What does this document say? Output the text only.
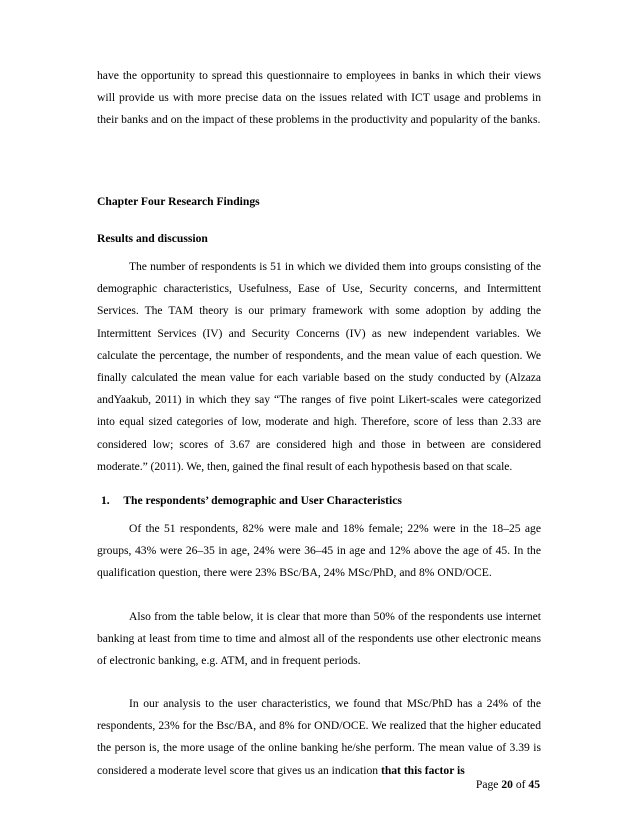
have the opportunity to spread this questionnaire to employees in banks in which their views will provide us with more precise data on the issues related with ICT usage and problems in their banks and on the impact of these problems in the productivity and popularity of the banks.

Chapter Four Research Findings

Results and discussion

The number of respondents is 51 in which we divided them into groups consisting of the demographic characteristics, Usefulness, Ease of Use, Security concerns, and Intermittent Services. The TAM theory is our primary framework with some adoption by adding the Intermittent Services (IV) and Security Concerns (IV) as new independent variables. We calculate the percentage, the number of respondents, and the mean value of each question. We finally calculated the mean value for each variable based on the study conducted by (Alzaza andYaakub, 2011) in which they say “The ranges of five point Likert-scales were categorized into equal sized categories of low, moderate and high. Therefore, score of less than 2.33 are considered low; scores of 3.67 are considered high and those in between are considered moderate.” (2011). We, then, gained the final result of each hypothesis based on that scale.

1. The respondents’ demographic and User Characteristics

Of the 51 respondents, 82% were male and 18% female; 22% were in the 18–25 age groups, 43% were 26–35 in age, 24% were 36–45 in age and 12% above the age of 45. In the qualification question, there were 23% BSc/BA, 24% MSc/PhD, and 8% OND/OCE.

Also from the table below, it is clear that more than 50% of the respondents use internet banking at least from time to time and almost all of the respondents use other electronic means of electronic banking, e.g. ATM, and in frequent periods.

In our analysis to the user characteristics, we found that MSc/PhD has a 24% of the respondents, 23% for the Bsc/BA, and 8% for OND/OCE. We realized that the higher educated the person is, the more usage of the online banking he/she perform. The mean value of 3.39 is considered a moderate level score that gives us an indication that this factor is

Page 20 of 45
